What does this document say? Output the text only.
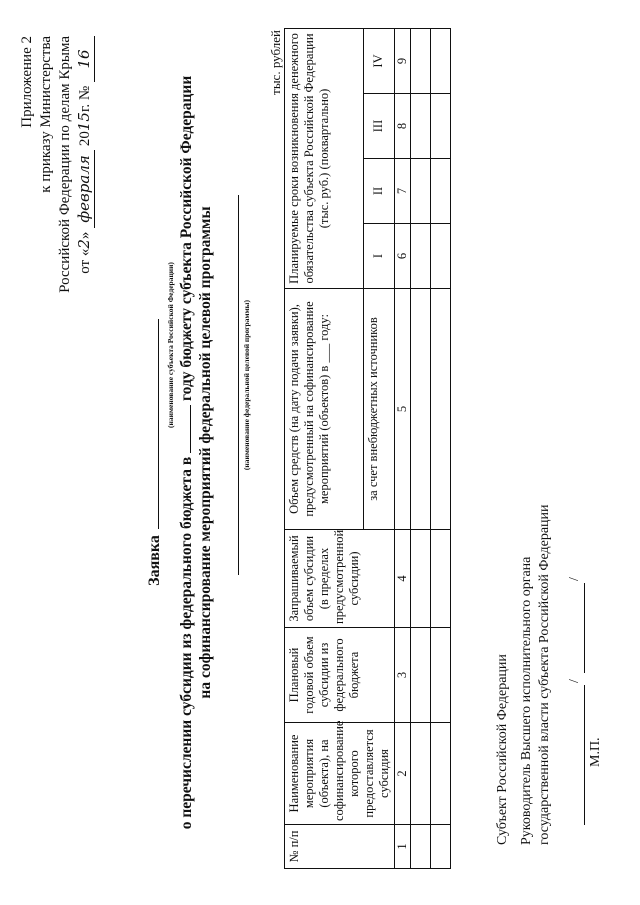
Приложение 2 к приказу Министерства Российской Федерации по делам Крыма от «2» февраля 2015г. № 16
Заявка
(наименование субъекта Российской Федерации)
о перечислении субсидии из федерального бюджета в  году бюджету субъекта Российской Федерации на софинансирование мероприятий федеральной целевой программы	(наименование федеральной целевой программы)
тыс. рублей
№ п/п	Наименование мероприятия (объекта), на софинансирование которого предоставляется субсидия	Плановый годовой объем субсидии из федерального бюджета	Запрашиваемый объем субсидии (в пределах предусмотренной субсидии)	Объем средств (на дату подачи заявки), предусмотренный на софинансирование мероприятий (объектов) в ___ году:	Планируемые сроки возникновения денежного обязательства субъекта Российской Федерации (тыс. руб.) (поквартально)			
				за счет внебюджетных источников	I	II	III	IV
1	2	3	4	5	6	7	8	9

Субъект Российской Федерации Руководитель Высшего исполнительного органа государственной власти субъекта Российской Федерации /
/
М.П.
